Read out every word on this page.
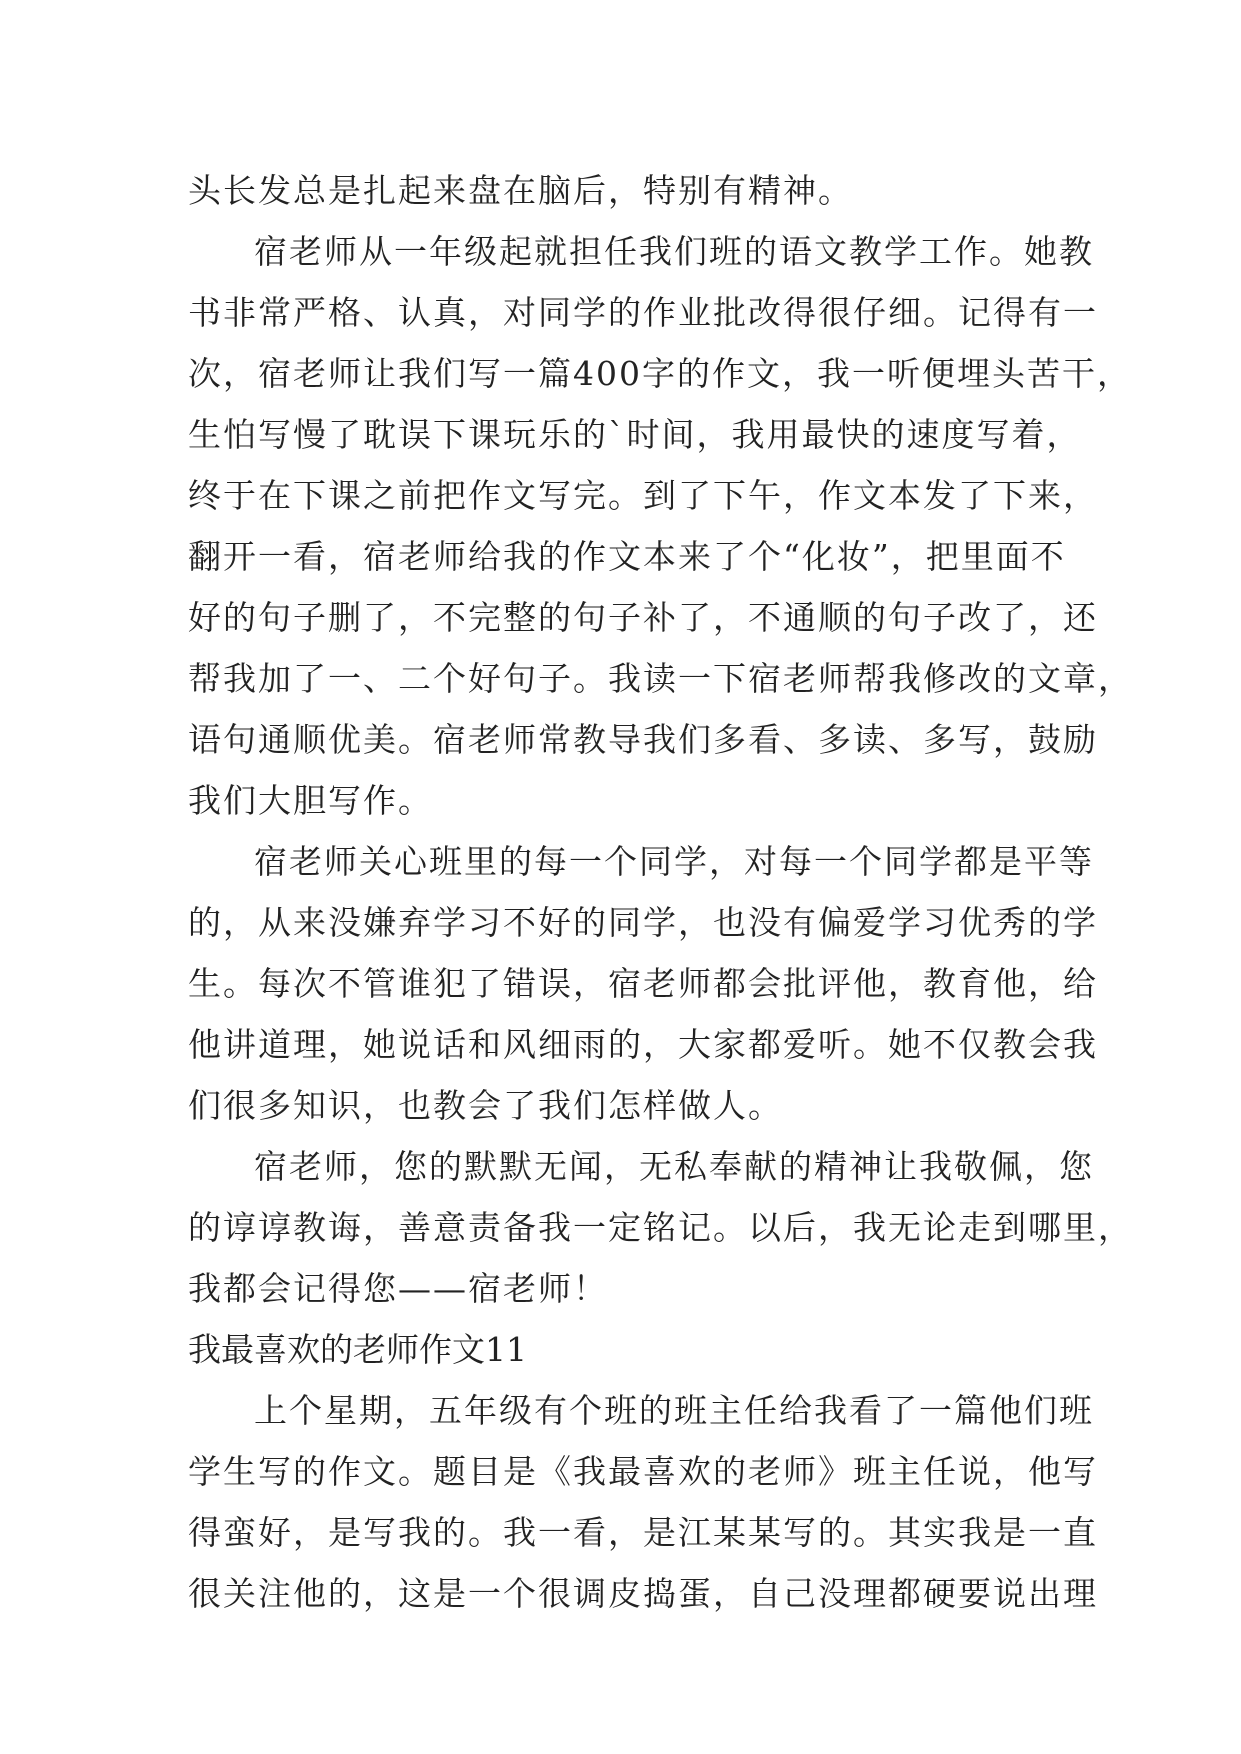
头长发总是扎起来盘在脑后，特别有精神。
宿老师从一年级起就担任我们班的语文教学工作。她教
书非常严格、认真，对同学的作业批改得很仔细。记得有一
次，宿老师让我们写一篇400字的作文，我一听便埋头苦干，
生怕写慢了耽误下课玩乐的`时间，我用最快的速度写着，
终于在下课之前把作文写完。到了下午，作文本发了下来，
翻开一看，宿老师给我的作文本来了个“化妆”，把里面不
好的句子删了，不完整的句子补了，不通顺的句子改了，还
帮我加了一、二个好句子。我读一下宿老师帮我修改的文章，
语句通顺优美。宿老师常教导我们多看、多读、多写，鼓励
我们大胆写作。
宿老师关心班里的每一个同学，对每一个同学都是平等
的，从来没嫌弃学习不好的同学，也没有偏爱学习优秀的学
生。每次不管谁犯了错误，宿老师都会批评他，教育他，给
他讲道理，她说话和风细雨的，大家都爱听。她不仅教会我
们很多知识，也教会了我们怎样做人。
宿老师，您的默默无闻，无私奉献的精神让我敬佩，您
的谆谆教诲，善意责备我一定铭记。以后，我无论走到哪里，
我都会记得您——宿老师！
我最喜欢的老师作文11
上个星期，五年级有个班的班主任给我看了一篇他们班
学生写的作文。题目是《我最喜欢的老师》班主任说，他写
得蛮好，是写我的。我一看，是江某某写的。其实我是一直
很关注他的，这是一个很调皮捣蛋，自己没理都硬要说出理
